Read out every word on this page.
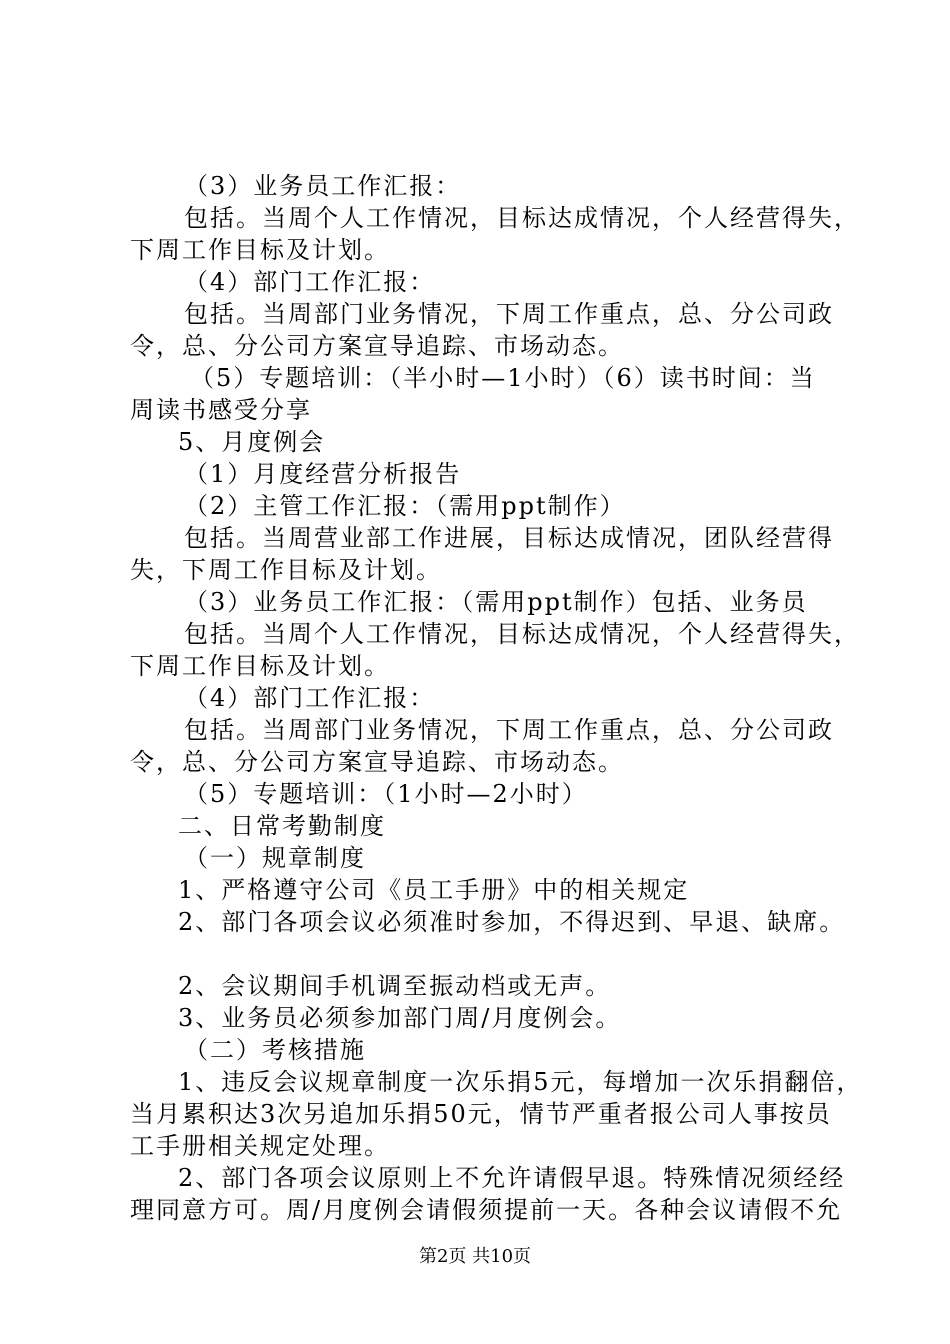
（3）业务员工作汇报：
包括。当周个人工作情况，目标达成情况，个人经营得失，
下周工作目标及计划。
（4）部门工作汇报：
包括。当周部门业务情况，下周工作重点，总、分公司政
令，总、分公司方案宣导追踪、市场动态。
（5）专题培训：（半小时—1小时）（6）读书时间：当
周读书感受分享
5、月度例会
（1）月度经营分析报告
（2）主管工作汇报：（需用ppt制作）
包括。当周营业部工作进展，目标达成情况，团队经营得
失，下周工作目标及计划。
（3）业务员工作汇报：（需用ppt制作）包括、业务员
包括。当周个人工作情况，目标达成情况，个人经营得失，
下周工作目标及计划。
（4）部门工作汇报：
包括。当周部门业务情况，下周工作重点，总、分公司政
令，总、分公司方案宣导追踪、市场动态。
（5）专题培训：（1小时—2小时）
二、日常考勤制度
（一）规章制度
1、严格遵守公司《员工手册》中的相关规定
2、部门各项会议必须准时参加，不得迟到、早退、缺席。
2、会议期间手机调至振动档或无声。
3、业务员必须参加部门周/月度例会。
（二）考核措施
1、违反会议规章制度一次乐捐5元，每增加一次乐捐翻倍，
当月累积达3次另追加乐捐50元，情节严重者报公司人事按员
工手册相关规定处理。
2、部门各项会议原则上不允许请假早退。特殊情况须经经
理同意方可。周/月度例会请假须提前一天。各种会议请假不允
第2页 共10页
